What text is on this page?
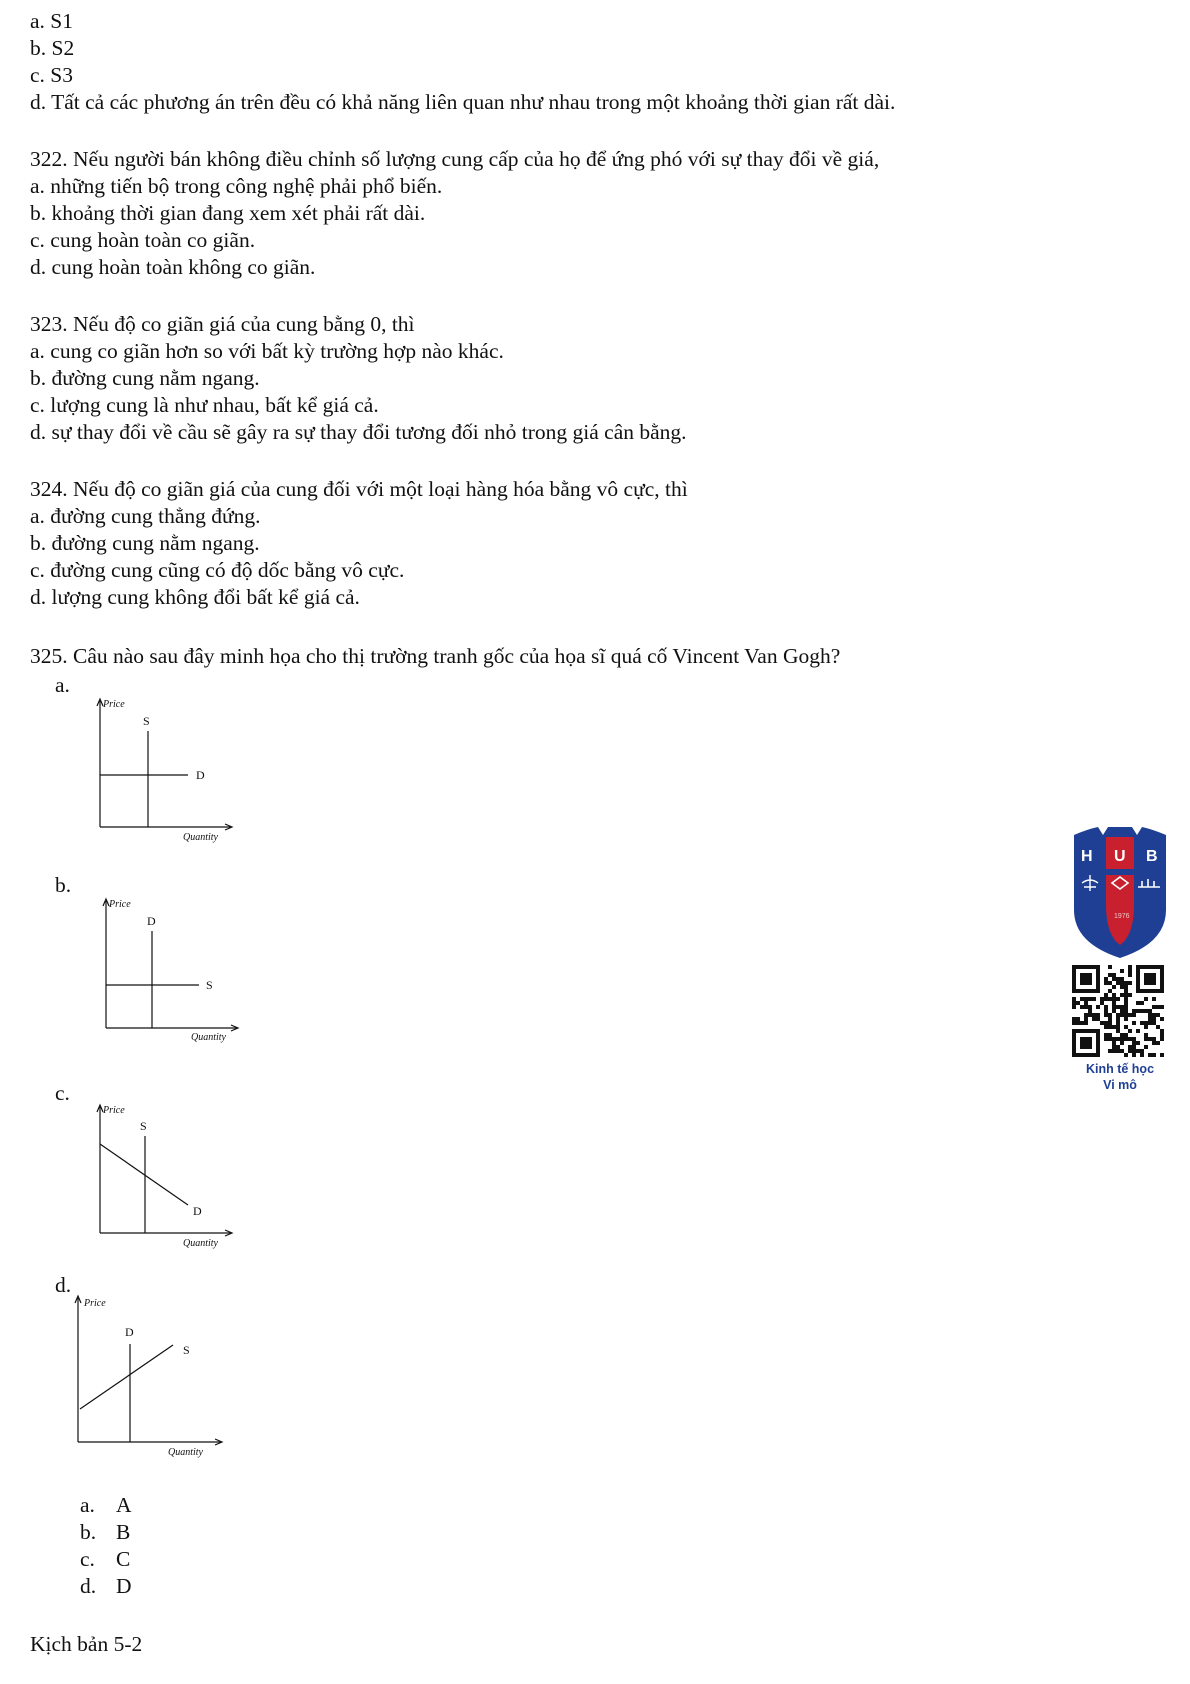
a. S1
b. S2
c. S3
d. Tất cả các phương án trên đều có khả năng liên quan như nhau trong một khoảng thời gian rất dài.
322. Nếu người bán không điều chỉnh số lượng cung cấp của họ để ứng phó với sự thay đổi về giá,
a. những tiến bộ trong công nghệ phải phổ biến.
b. khoảng thời gian đang xem xét phải rất dài.
c. cung hoàn toàn co giãn.
d. cung hoàn toàn không co giãn.
323. Nếu độ co giãn giá của cung bằng 0, thì
a. cung co giãn hơn so với bất kỳ trường hợp nào khác.
b. đường cung nằm ngang.
c. lượng cung là như nhau, bất kể giá cả.
d. sự thay đổi về cầu sẽ gây ra sự thay đổi tương đối nhỏ trong giá cân bằng.
324. Nếu độ co giãn giá của cung đối với một loại hàng hóa bằng vô cực, thì
a. đường cung thẳng đứng.
b. đường cung nằm ngang.
c. đường cung cũng có độ dốc bằng vô cực.
d. lượng cung không đổi bất kể giá cả.
325. Câu nào sau đây minh họa cho thị trường tranh gốc của họa sĩ quá cố Vincent Van Gogh?
a.
Price
Quantity
S
D
b.
Price
Quantity
D
S
c.
Price
Quantity
S
D
d.
Price
Quantity
D
S
a. A
b. B
c. C
d. D
Kịch bản 5-2
H U B
1976
Kinh tế học
Vi mô
